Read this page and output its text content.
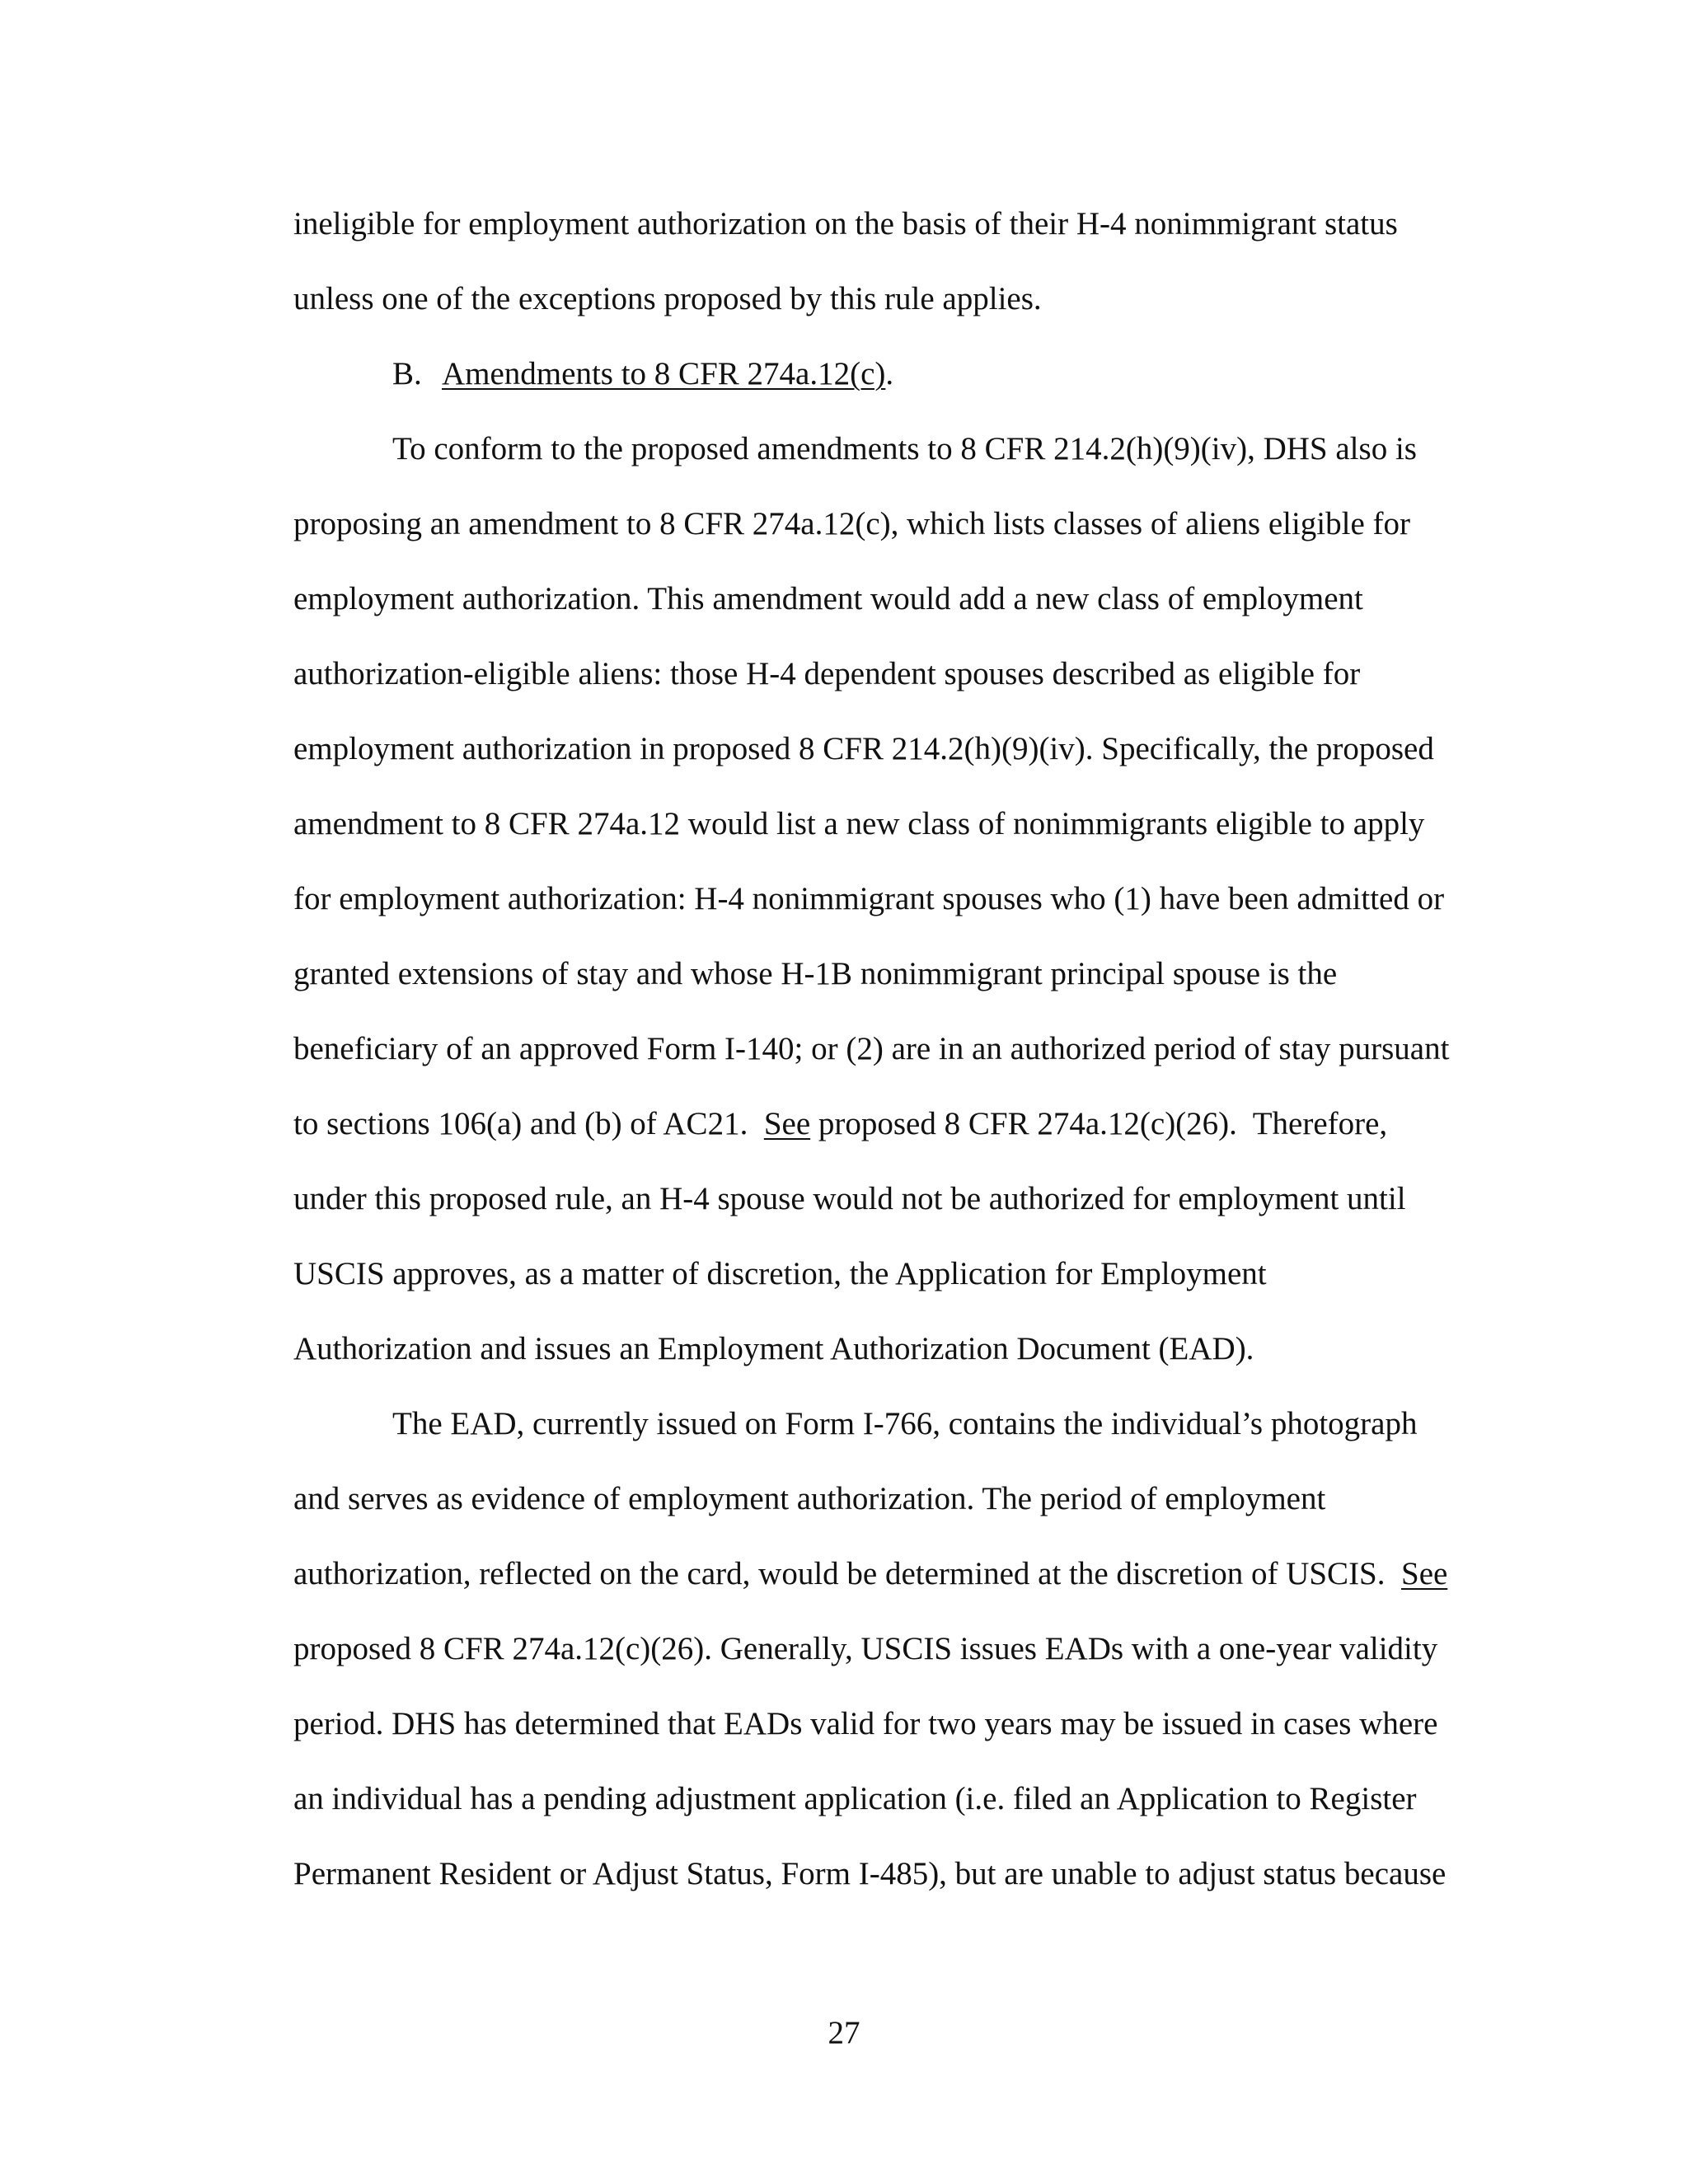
ineligible for employment authorization on the basis of their H-4 nonimmigrant status
unless one of the exceptions proposed by this rule applies.
B. Amendments to 8 CFR 274a.12(c).
To conform to the proposed amendments to 8 CFR 214.2(h)(9)(iv), DHS also is
proposing an amendment to 8 CFR 274a.12(c), which lists classes of aliens eligible for
employment authorization. This amendment would add a new class of employment
authorization-eligible aliens: those H-4 dependent spouses described as eligible for
employment authorization in proposed 8 CFR 214.2(h)(9)(iv). Specifically, the proposed
amendment to 8 CFR 274a.12 would list a new class of nonimmigrants eligible to apply
for employment authorization: H-4 nonimmigrant spouses who (1) have been admitted or
granted extensions of stay and whose H-1B nonimmigrant principal spouse is the
beneficiary of an approved Form I-140; or (2) are in an authorized period of stay pursuant
to sections 106(a) and (b) of AC21.  See proposed 8 CFR 274a.12(c)(26).  Therefore,
under this proposed rule, an H-4 spouse would not be authorized for employment until
USCIS approves, as a matter of discretion, the Application for Employment
Authorization and issues an Employment Authorization Document (EAD).
The EAD, currently issued on Form I-766, contains the individual’s photograph
and serves as evidence of employment authorization. The period of employment
authorization, reflected on the card, would be determined at the discretion of USCIS.  See
proposed 8 CFR 274a.12(c)(26). Generally, USCIS issues EADs with a one-year validity
period. DHS has determined that EADs valid for two years may be issued in cases where
an individual has a pending adjustment application (i.e. filed an Application to Register
Permanent Resident or Adjust Status, Form I-485), but are unable to adjust status because
27
